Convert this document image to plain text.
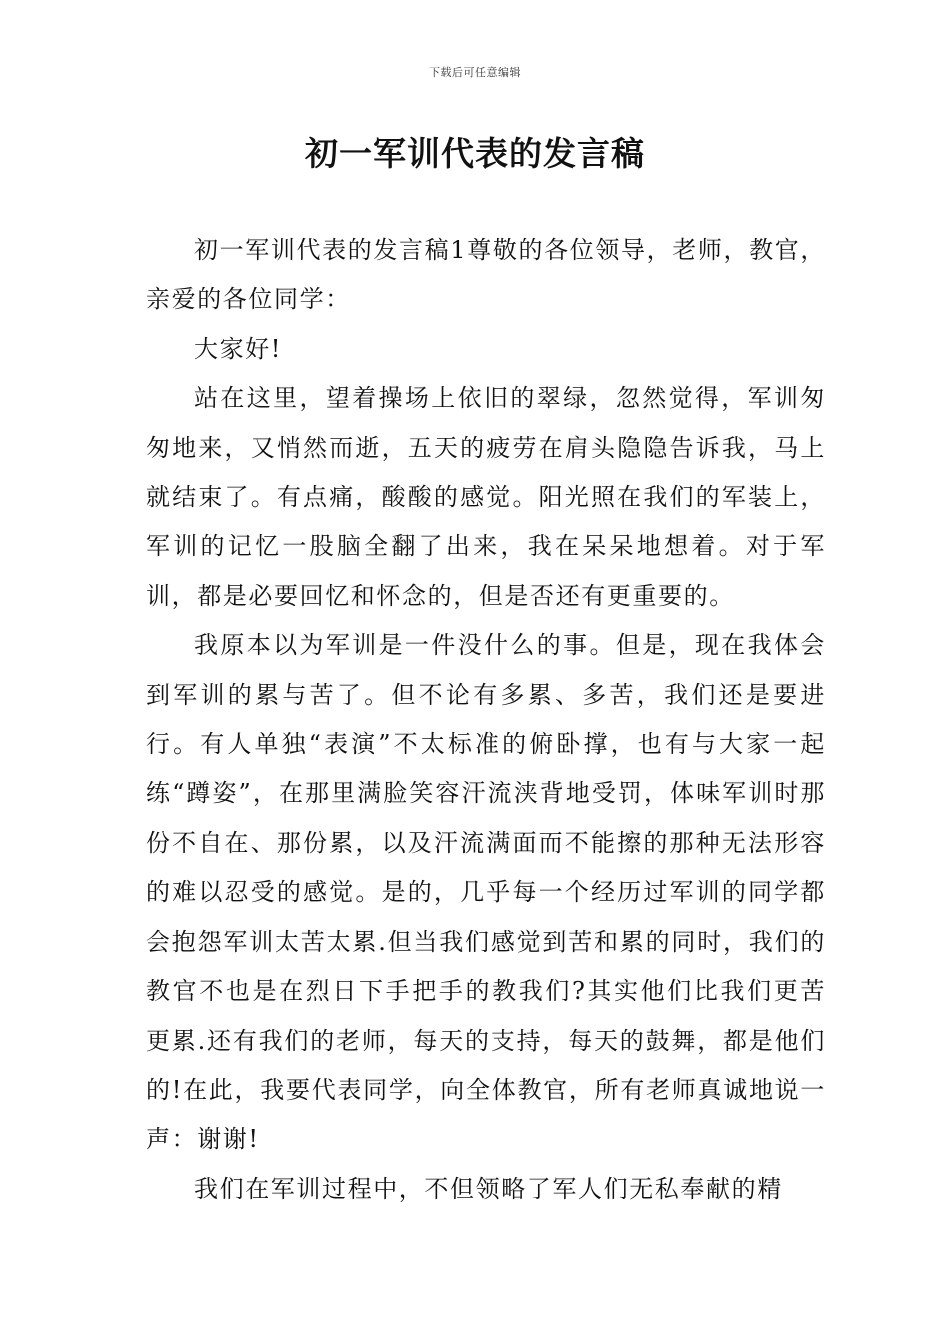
下载后可任意编辑
初一军训代表的发言稿

初一军训代表的发言稿1尊敬的各位领导，老师，教官，亲爱的各位同学：

大家好!

站在这里，望着操场上依旧的翠绿，忽然觉得，军训匆匆地来，又悄然而逝，五天的疲劳在肩头隐隐告诉我，马上就结束了。有点痛，酸酸的感觉。阳光照在我们的军装上，军训的记忆一股脑全翻了出来，我在呆呆地想着。对于军训，都是必要回忆和怀念的，但是否还有更重要的。

我原本以为军训是一件没什么的事。但是，现在我体会到军训的累与苦了。但不论有多累、多苦，我们还是要进行。有人单独“表演”不太标准的俯卧撑，也有与大家一起练“蹲姿”，在那里满脸笑容汗流浃背地受罚，体味军训时那份不自在、那份累，以及汗流满面而不能擦的那种无法形容的难以忍受的感觉。是的，几乎每一个经历过军训的同学都会抱怨军训太苦太累.但当我们感觉到苦和累的同时，我们的教官不也是在烈日下手把手的教我们?其实他们比我们更苦更累.还有我们的老师，每天的支持，每天的鼓舞，都是他们的!在此，我要代表同学，向全体教官，所有老师真诚地说一声：谢谢!

我们在军训过程中，不但领略了军人们无私奉献的精
